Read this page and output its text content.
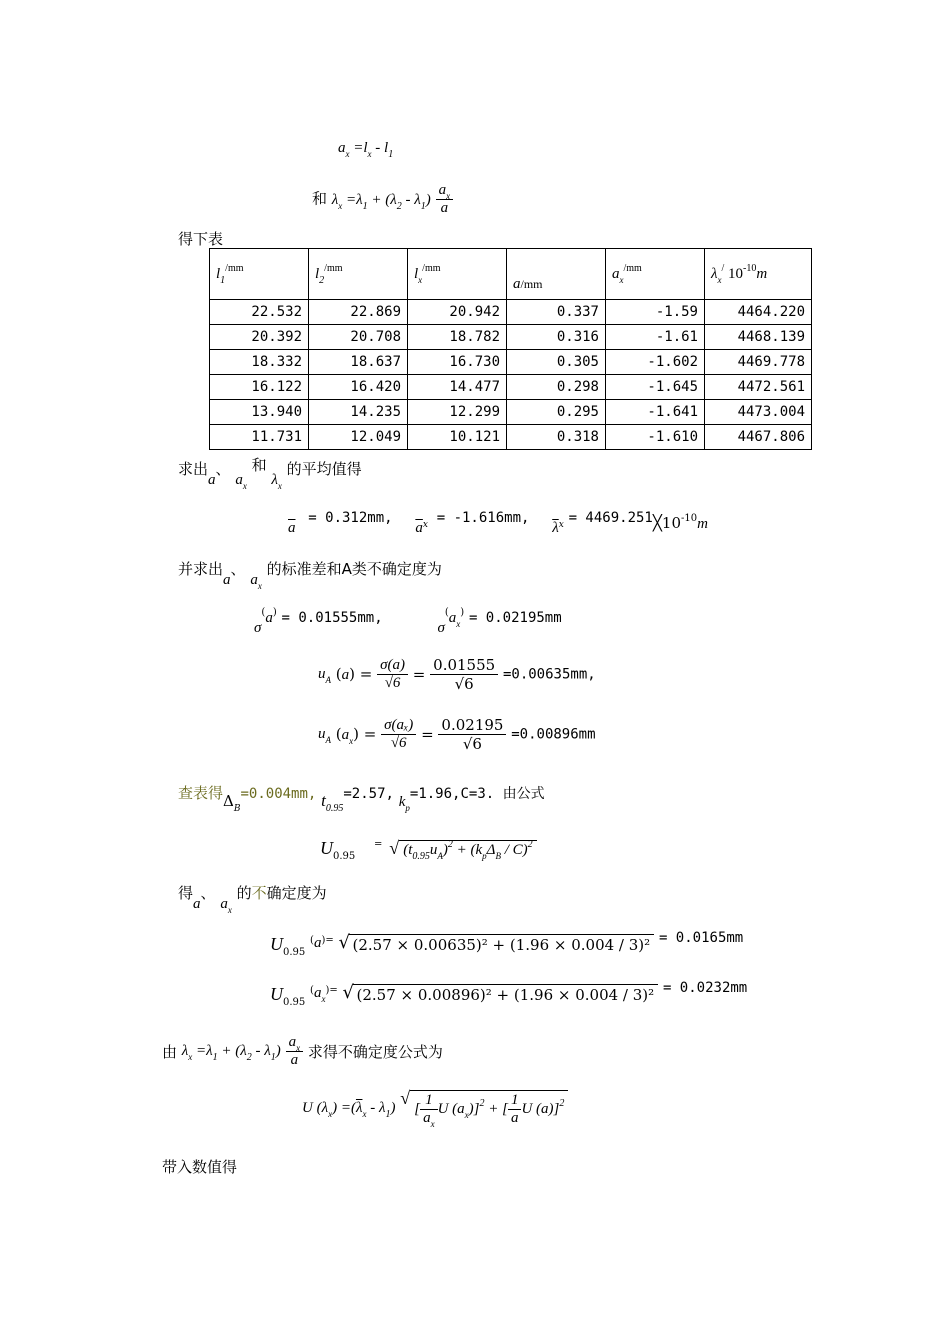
$a_x =l_x - l_1$
和 $\lambda_x =\lambda_1 + (\lambda_2 - \lambda_1) \frac{a_x}{a}$
得下表
$l_1^{/mm}$	$l_2^{/mm}$	$l_x^{/mm}$	a/mm	$a_x^{/mm}$	$\lambda_x^/$ $10^{-10}m$
22.532	22.869	20.942	0.337	-1.59	4464.220
20.392	20.708	18.782	0.316	-1.61	4468.139
18.332	18.637	16.730	0.305	-1.602	4469.778
16.122	16.420	14.477	0.298	-1.645	4472.561
13.940	14.235	12.299	0.295	-1.641	4473.004
11.731	12.049	10.121	0.318	-1.610	4467.806
求出a、 $a_x$ 和 $\lambda_x$ 的平均值得
$\overline{a} = 0.312mm$, $\overline{a}_x = -1.616mm$, $\overline{\lambda}_x$ = $4469.251╳10^{-10}m$
并求出a、 $a_x$ 的标准差和A类不确定度为
σ(a) = 0.01555mm, $\sigma^(a_x^) = 0.02195mm$
$u_A$ $(a) = \frac{\sigma(a)}{√6} = \frac{0.01555}{√6} =0.00635mm$,
$u_A$ $(a_x) = \frac{\text{σ(aₓ)}}{√6} = \frac{0.02195}{√6} =0.00896mm$
查表得$\Delta_B=0.004mm$, $t_{0.95}=2.57$, $k_p=1.96,C=3$. 由公式
$U_{0.95}$ = √ $(t_{0.95}u_A)^2 + (k_p\Delta_B / C)^2$
得a、 $a_x$ 的不确定度为
$U_{0.95}$ (a)= √ (2.57 × 0.00635)² + (1.96 × 0.004 / 3)² = 0.0165mm
$U_{0.95}$ $^(a_x^{)=}$ √ (2.57 × 0.00896)² + (1.96 × 0.004 / 3)² = 0.0232mm
由 $\lambda_x =\lambda_1 + (\lambda_2 - \lambda_1) \frac{a_x}{a}$ 求得不确定度公式为
U $(\lambda_x) =(\overline{\lambda}_x - \lambda_1)$ √ [ $\frac{1}{\overline{a}_x}$ U $(a_x)]^2$ + [ $\frac{1}{a}$ U (a)]$^2$
带入数值得
